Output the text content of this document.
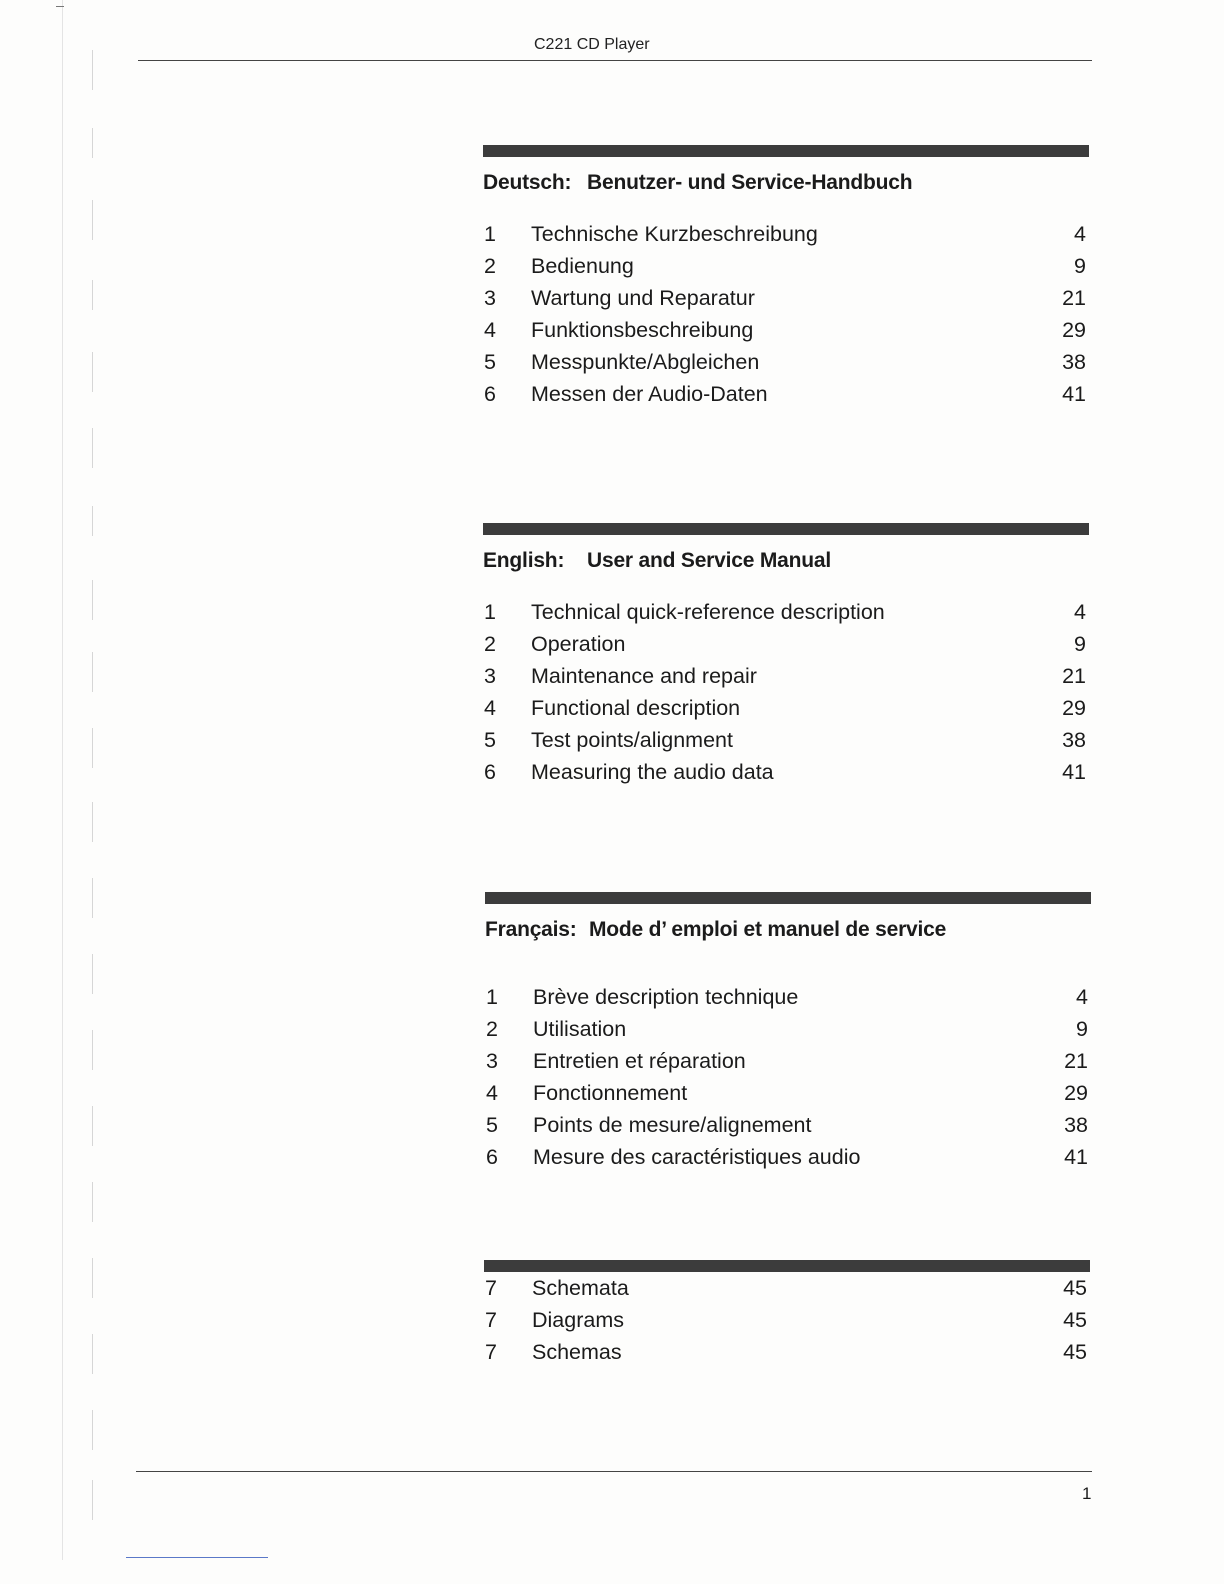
C221 CD Player
Deutsch: Benutzer- und Service-Handbuch
1 Technische Kurzbeschreibung	4
2 Bedienung	9
3 Wartung und Reparatur	21
4 Funktionsbeschreibung	29
5 Messpunkte/Abgleichen	38
6 Messen der Audio-Daten	41
English: User and Service Manual
1 Technical quick-reference description	4
2 Operation	9
3 Maintenance and repair	21
4 Functional description	29
5 Test points/alignment	38
6 Measuring the audio data	41
Français: Mode d’ emploi et manuel de service
1 Brève description technique	4
2 Utilisation	9
3 Entretien et réparation	21
4 Fonctionnement	29
5 Points de mesure/alignement	38
6 Mesure des caractéristiques audio	41
7 Schemata	45
7 Diagrams	45
7 Schemas	45
1
